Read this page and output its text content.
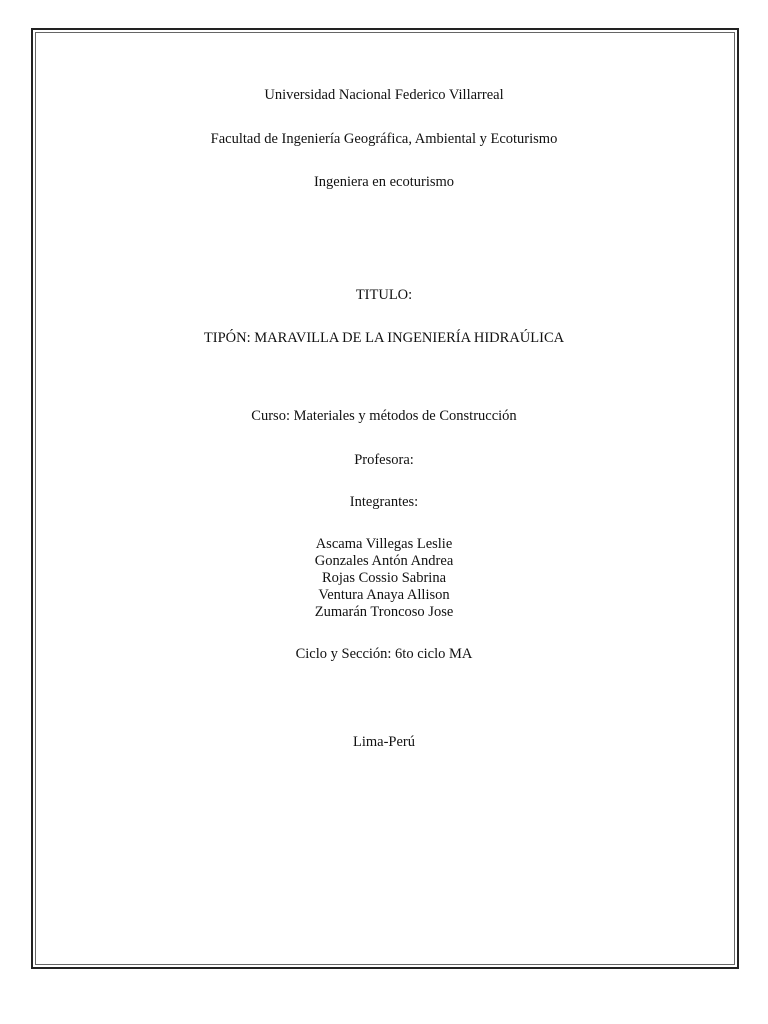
Universidad Nacional Federico Villarreal
Facultad de Ingeniería Geográfica, Ambiental y Ecoturismo
Ingeniera en ecoturismo
TITULO:
TIPÓN: MARAVILLA DE LA INGENIERÍA HIDRAÚLICA
Curso: Materiales y métodos de Construcción
Profesora:
Integrantes:
Ascama Villegas Leslie
Gonzales Antón Andrea
Rojas Cossio Sabrina
Ventura Anaya Allison
Zumarán Troncoso Jose
Ciclo y Sección: 6to ciclo MA
Lima-Perú
